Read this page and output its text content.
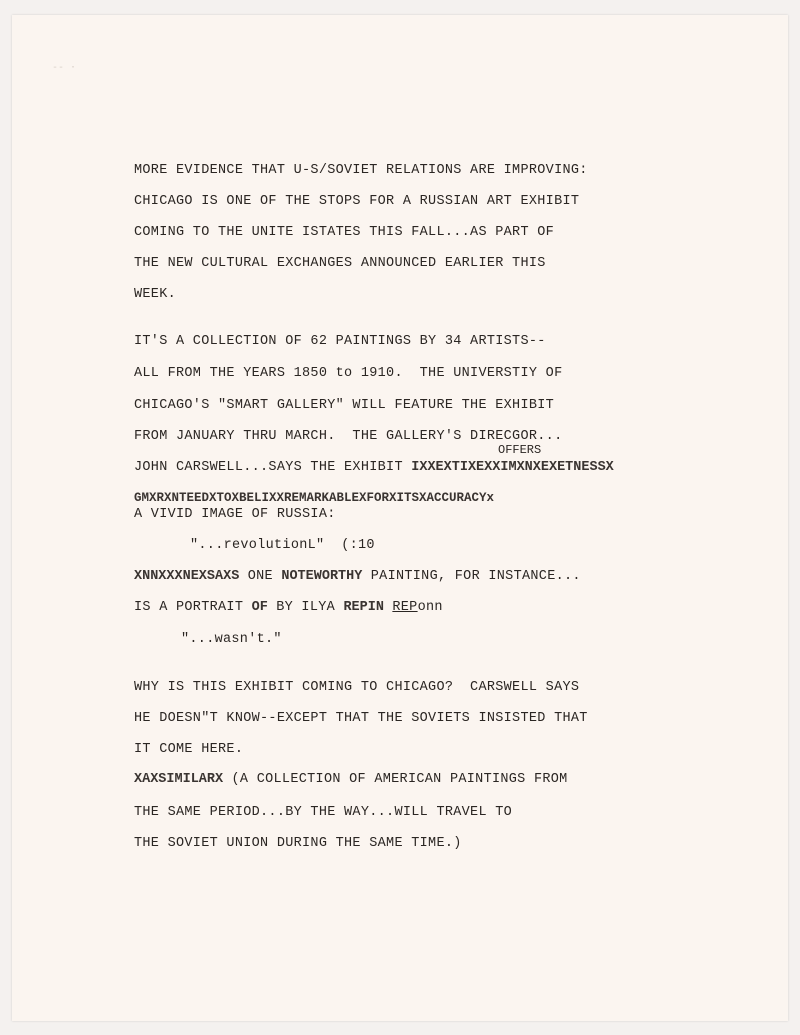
-- ·

MORE EVIDENCE THAT U-S/SOVIET RELATIONS ARE IMPROVING:

CHICAGO IS ONE OF THE STOPS FOR A RUSSIAN ART EXHIBIT

COMING TO THE UNITE ISTATES THIS FALL...AS PART OF

THE NEW CULTURAL EXCHANGES ANNOUNCED EARLIER THIS

WEEK.

IT'S A COLLECTION OF 62 PAINTINGS BY 34 ARTISTS--

ALL FROM THE YEARS 1850 to 1910.  THE UNIVERSTIY OF

CHICAGO'S "SMART GALLERY" WILL FEATURE THE EXHIBIT

FROM JANUARY THRU MARCH.  THE GALLERY'S DIRECGOR...

OFFERS

JOHN CARSWELL...SAYS THE EXHIBIT IXXEXTIXEXXIMXNXEXETNESSX

GMXRXNTEEDXTOXBELIXXREMARKABLEXFORXITSXACCURACYx

A VIVID IMAGE OF RUSSIA:

"...revolutionL"  (:10

XNNXXXNEXSAXS ONE NOTEWORTHY PAINTING, FOR INSTANCE...

IS A PORTRAIT OF BY ILYA REPIN REPonn

"...wasn't."

WHY IS THIS EXHIBIT COMING TO CHICAGO?  CARSWELL SAYS

HE DOESN"T KNOW--EXCEPT THAT THE SOVIETS INSISTED THAT

IT COME HERE.

XAXSIMILARX (A COLLECTION OF AMERICAN PAINTINGS FROM

THE SAME PERIOD...BY THE WAY...WILL TRAVEL TO

THE SOVIET UNION DURING THE SAME TIME.)
